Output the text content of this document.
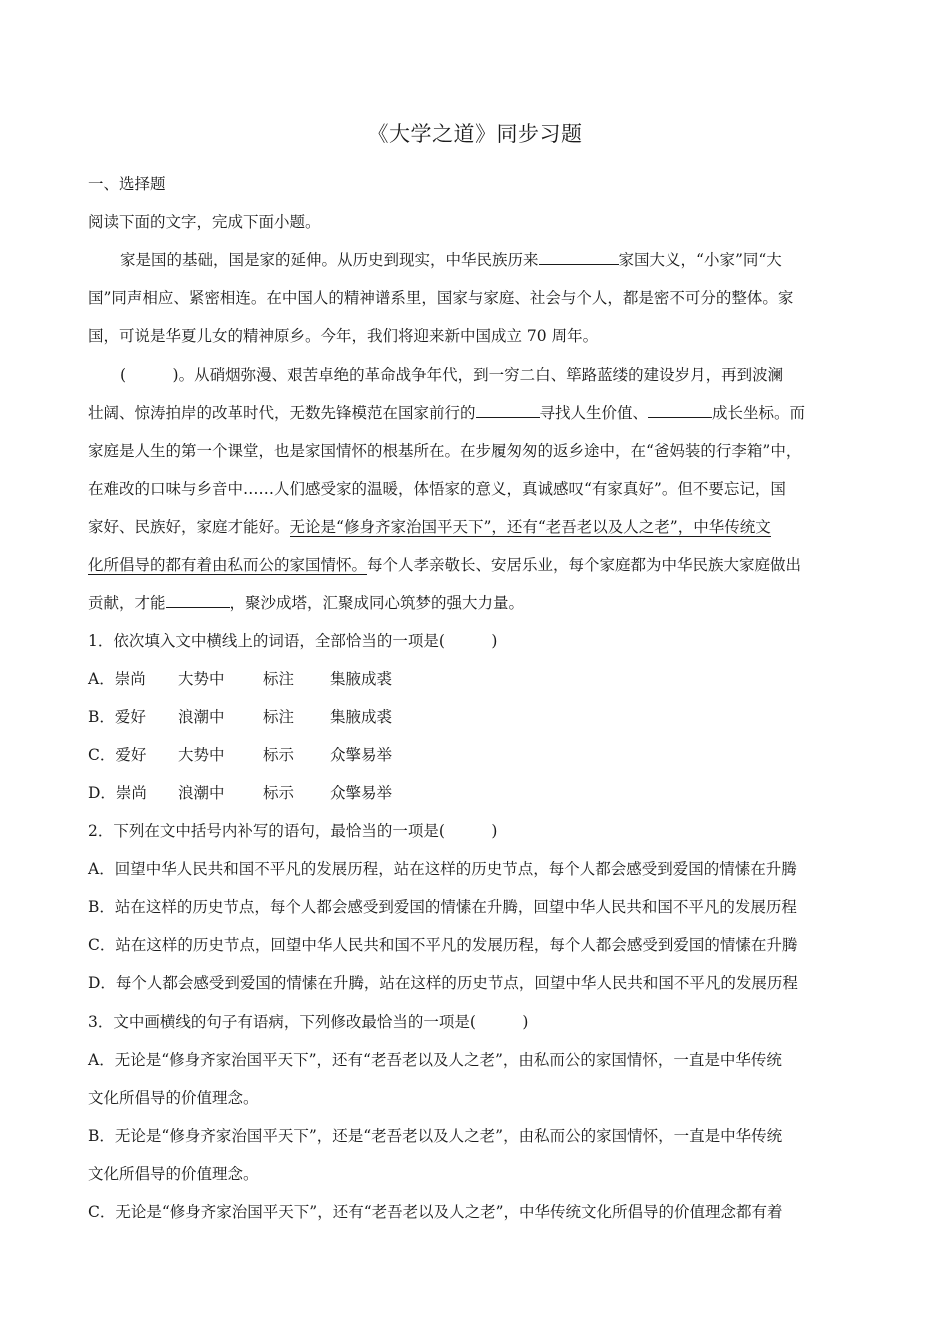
《大学之道》同步习题
一、选择题
阅读下面的文字，完成下面小题。
家是国的基础，国是家的延伸。从历史到现实，中华民族历来	家国大义，“小家”同“大
国”同声相应、紧密相连。在中国人的精神谱系里，国家与家庭、社会与个人，都是密不可分的整体。家
国，可说是华夏儿女的精神原乡。今年，我们将迎来新中国成立 70 周年。
(　　　)。从硝烟弥漫、艰苦卓绝的革命战争年代，到一穷二白、筚路蓝缕的建设岁月，再到波澜
壮阔、惊涛拍岸的改革时代，无数先锋模范在国家前行的	寻找人生价值、	成长坐标。而
家庭是人生的第一个课堂，也是家国情怀的根基所在。在步履匆匆的返乡途中，在“爸妈装的行李箱”中，
在难改的口味与乡音中……人们感受家的温暖，体悟家的意义，真诚感叹“有家真好”。但不要忘记，国
家好、民族好，家庭才能好。无论是“修身齐家治国平天下”，还有“老吾老以及人之老”，中华传统文
化所倡导的都有着由私而公的家国情怀。每个人孝亲敬长、安居乐业，每个家庭都为中华民族大家庭做出
贡献，才能	，聚沙成塔，汇聚成同心筑梦的强大力量。
1．依次填入文中横线上的词语，全部恰当的一项是(　　　)
A．崇尚 大势中 标注 集腋成裘
B．爱好 浪潮中 标注 集腋成裘
C．爱好 大势中 标示 众擎易举
D．崇尚 浪潮中 标示 众擎易举
2．下列在文中括号内补写的语句，最恰当的一项是(　　　)
A．回望中华人民共和国不平凡的发展历程，站在这样的历史节点，每个人都会感受到爱国的情愫在升腾
B．站在这样的历史节点，每个人都会感受到爱国的情愫在升腾，回望中华人民共和国不平凡的发展历程
C．站在这样的历史节点，回望中华人民共和国不平凡的发展历程，每个人都会感受到爱国的情愫在升腾
D．每个人都会感受到爱国的情愫在升腾，站在这样的历史节点，回望中华人民共和国不平凡的发展历程
3．文中画横线的句子有语病，下列修改最恰当的一项是(　　　)
A．无论是“修身齐家治国平天下”，还有“老吾老以及人之老”，由私而公的家国情怀，一直是中华传统
文化所倡导的价值理念。
B．无论是“修身齐家治国平天下”，还是“老吾老以及人之老”，由私而公的家国情怀，一直是中华传统
文化所倡导的价值理念。
C．无论是“修身齐家治国平天下”，还有“老吾老以及人之老”，中华传统文化所倡导的价值理念都有着
